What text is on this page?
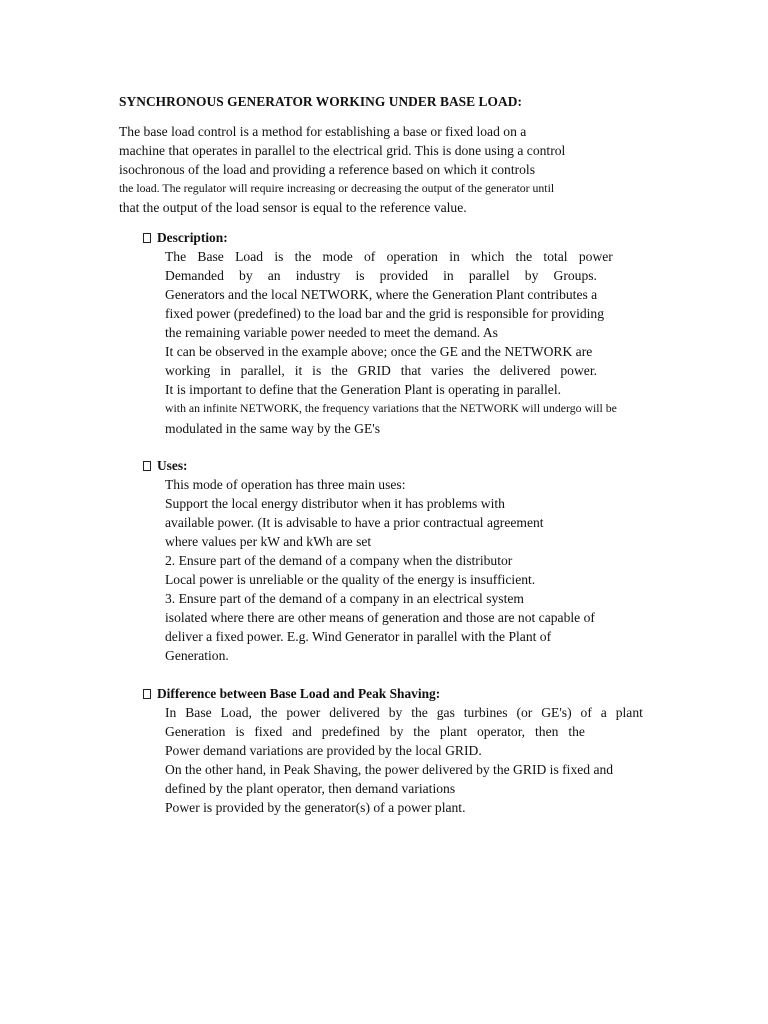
SYNCHRONOUS GENERATOR WORKING UNDER BASE LOAD:
The base load control is a method for establishing a base or fixed load on a
machine that operates in parallel to the electrical grid. This is done using a control
isochronous of the load and providing a reference based on which it controls
the load. The regulator will require increasing or decreasing the output of the generator until
that the output of the load sensor is equal to the reference value.
Description:
The Base Load is the mode of operation in which the total power
Demanded by an industry is provided in parallel by Groups.
Generators and the local NETWORK, where the Generation Plant contributes a
fixed power (predefined) to the load bar and the grid is responsible for providing
the remaining variable power needed to meet the demand. As
It can be observed in the example above; once the GE and the NETWORK are
working in parallel, it is the GRID that varies the delivered power.
It is important to define that the Generation Plant is operating in parallel.
with an infinite NETWORK, the frequency variations that the NETWORK will undergo will be
modulated in the same way by the GE's
Uses:
This mode of operation has three main uses:
Support the local energy distributor when it has problems with
available power. (It is advisable to have a prior contractual agreement
where values per kW and kWh are set
2. Ensure part of the demand of a company when the distributor
Local power is unreliable or the quality of the energy is insufficient.
3. Ensure part of the demand of a company in an electrical system
isolated where there are other means of generation and those are not capable of
deliver a fixed power. E.g. Wind Generator in parallel with the Plant of
Generation.
Difference between Base Load and Peak Shaving:
In Base Load, the power delivered by the gas turbines (or GE's) of a plant
Generation is fixed and predefined by the plant operator, then the
Power demand variations are provided by the local GRID.
On the other hand, in Peak Shaving, the power delivered by the GRID is fixed and
defined by the plant operator, then demand variations
Power is provided by the generator(s) of a power plant.
